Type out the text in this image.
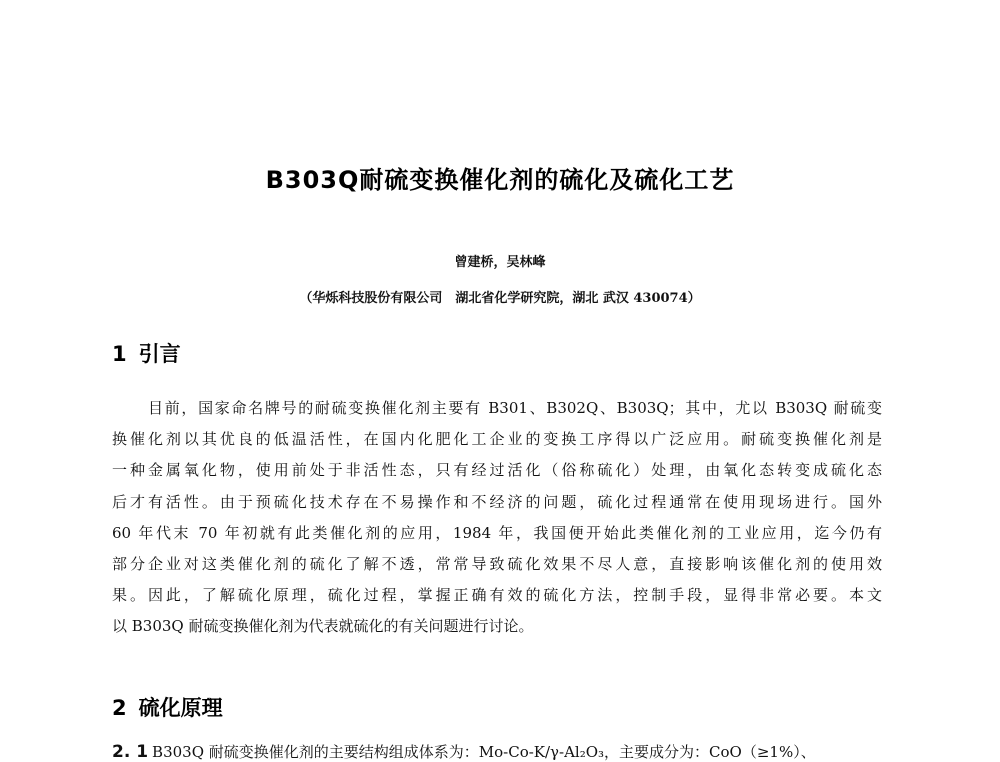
B303Q耐硫变换催化剂的硫化及硫化工艺
曾建桥，吴林峰
（华烁科技股份有限公司　湖北省化学研究院，湖北 武汉 430074）
1 引言
目前，国家命名牌号的耐硫变换催化剂主要有 B301、B302Q、B303Q；其中，尤以 B303Q 耐硫变
换催化剂以其优良的低温活性，在国内化肥化工企业的变换工序得以广泛应用。耐硫变换催化剂是
一种金属氧化物，使用前处于非活性态，只有经过活化（俗称硫化）处理，由氧化态转变成硫化态
后才有活性。由于预硫化技术存在不易操作和不经济的问题，硫化过程通常在使用现场进行。国外
60 年代末 70 年初就有此类催化剂的应用，1984 年，我国便开始此类催化剂的工业应用，迄今仍有
部分企业对这类催化剂的硫化了解不透，常常导致硫化效果不尽人意，直接影响该催化剂的使用效
果。因此，了解硫化原理，硫化过程，掌握正确有效的硫化方法，控制手段，显得非常必要。本文
以 B303Q 耐硫变换催化剂为代表就硫化的有关问题进行讨论。
2 硫化原理
2. 1 B303Q 耐硫变换催化剂的主要结构组成体系为：Mo-Co-K/γ-Al₂O₃，主要成分为：CoO（≥1%）、
